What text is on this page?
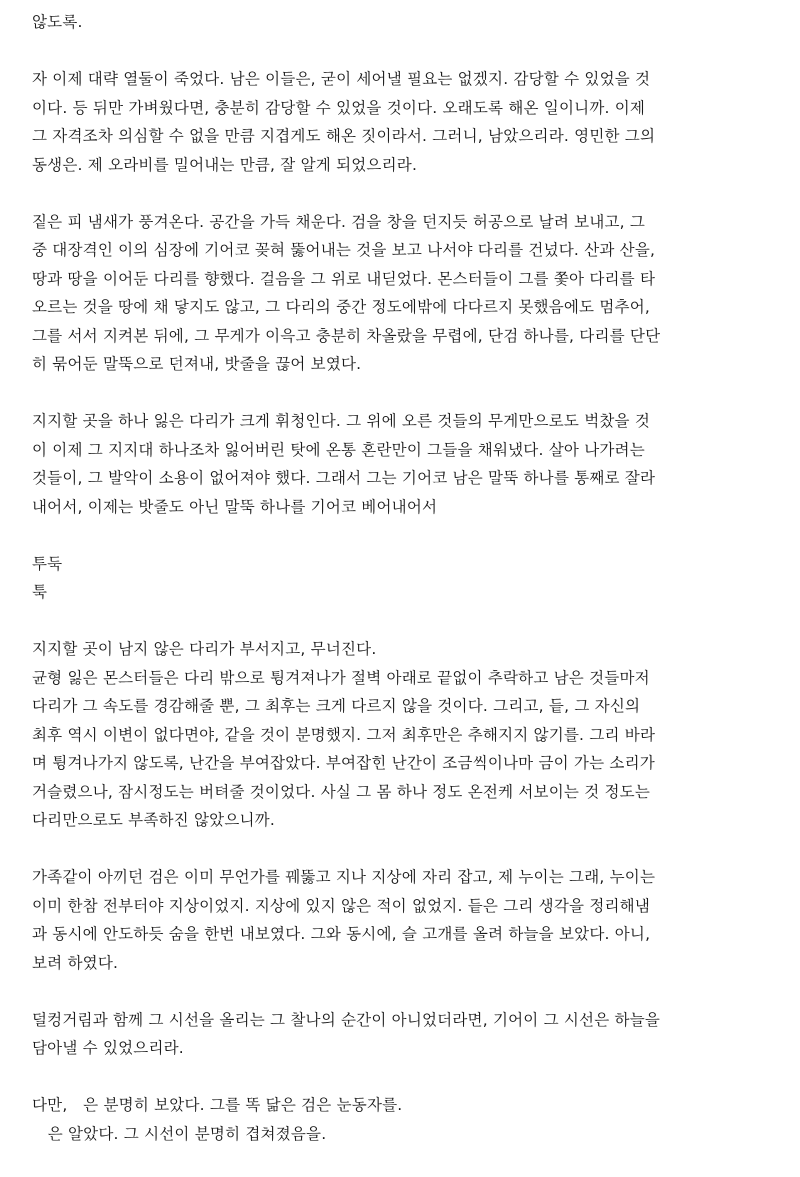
않도록.

자 이제 대략 열둘이 죽었다. 남은 이들은, 굳이 세어낼 필요는 없겠지. 감당할 수 있었을 것
이다. 등 뒤만 가벼웠다면, 충분히 감당할 수 있었을 것이다. 오래도록 해온 일이니까. 이제
그 자격조차 의심할 수 없을 만큼 지겹게도 해온 짓이라서. 그러니, 남았으리라. 영민한 그의
동생은. 제 오라비를 밀어내는 만큼, 잘 알게 되었으리라.

짙은 피 냄새가 풍겨온다. 공간을 가득 채운다. 검을 창을 던지듯 허공으로 날려 보내고, 그
중 대장격인 이의 심장에 기어코 꽂혀 뚫어내는 것을 보고 나서야 다리를 건넜다. 산과 산을,
땅과 땅을 이어둔 다리를 향했다. 걸음을 그 위로 내딛었다. 몬스터들이 그를 쫓아 다리를 타
오르는 것을 땅에 채 닿지도 않고, 그 다리의 중간 정도에밖에 다다르지 못했음에도 멈추어,
그를 서서 지켜본 뒤에, 그 무게가 이윽고 충분히 차올랐을 무렵에, 단검 하나를, 다리를 단단
히 묶어둔 말뚝으로 던져내, 밧줄을 끊어 보였다.

지지할 곳을 하나 잃은 다리가 크게 휘청인다. 그 위에 오른 것들의 무게만으로도 벅찼을 것
이 이제 그 지지대 하나조차 잃어버린 탓에 온통 혼란만이 그들을 채워냈다. 살아 나가려는
것들이, 그 발악이 소용이 없어져야 했다. 그래서 그는 기어코 남은 말뚝 하나를 통째로 잘라
내어서, 이제는 밧줄도 아닌 말뚝 하나를 기어코 베어내어서

투둑
툭

지지할 곳이 남지 않은 다리가 부서지고, 무너진다.
균형 잃은 몬스터들은 다리 밖으로 튕겨져나가 절벽 아래로 끝없이 추락하고 남은 것들마저
다리가 그 속도를 경감해줄 뿐, 그 최후는 크게 다르지 않을 것이다. 그리고, 듵, 그 자신의
최후 역시 이변이 없다면야, 같을 것이 분명했지. 그저 최후만은 추해지지 않기를. 그리 바라
며 튕겨나가지 않도록, 난간을 부여잡았다. 부여잡힌 난간이 조금씩이나마 금이 가는 소리가
거슬렸으나, 잠시정도는 버텨줄 것이었다. 사실 그 몸 하나 정도 온전케 서보이는 것 정도는
다리만으로도 부족하진 않았으니까.

가족같이 아끼던 검은 이미 무언가를 꿰뚫고 지나 지상에 자리 잡고, 제 누이는 그래, 누이는
이미 한참 전부터야 지상이었지. 지상에 있지 않은 적이 없었지. 듵은 그리 생각을 정리해냄
과 동시에 안도하듯 숨을 한번 내보였다. 그와 동시에, 슬 고개를 올려 하늘을 보았다. 아니,
보려 하였다.

덜컹거림과 함께 그 시선을 올리는 그 찰나의 순간이 아니었더라면, 기어이 그 시선은 하늘을
담아낼 수 있었으리라.

다만,　은 분명히 보았다. 그를 똑 닮은 검은 눈동자를.
　은 알았다. 그 시선이 분명히 겹쳐졌음을.
